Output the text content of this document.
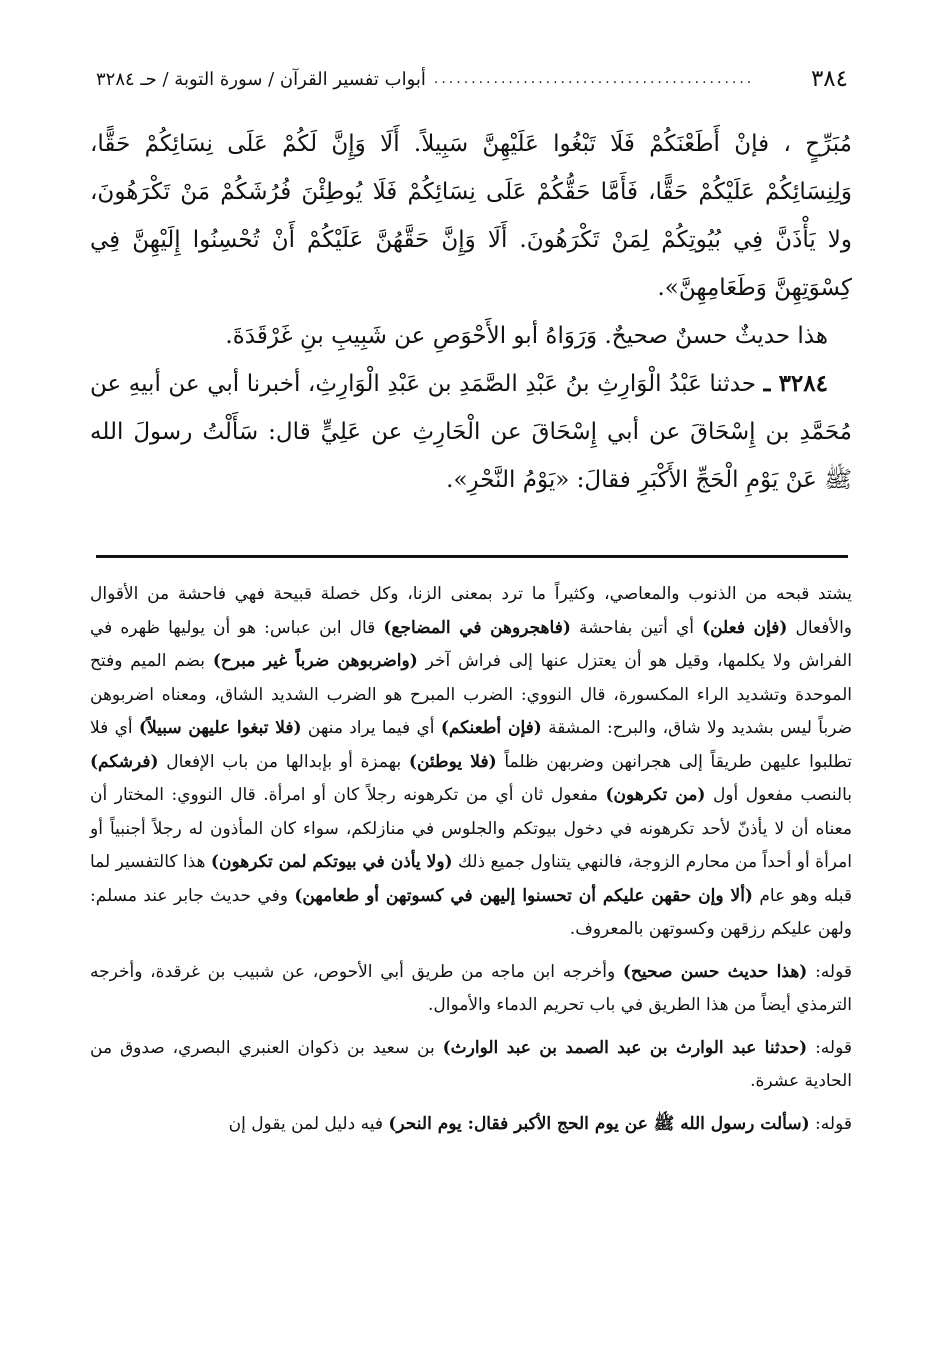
٣٨٤
...........................................
أبواب تفسير القرآن / سورة التوبة / حـ ٣٢٨٤

مُبَرِّحٍ ، فإنْ أَطَعْنَكُمْ فَلَا تَبْغُوا عَلَيْهِنَّ سَبِيلاً. أَلَا وَإِنَّ لَكُمْ عَلَى نِسَائِكُمْ حَقًّا، وَلِنِسَائِكُمْ عَلَيْكُمْ حَقًّا، فَأَمَّا حَقُّكُمْ عَلَى نِسَائِكُمْ فَلَا يُوطِئْنَ فُرُشَكُمْ مَنْ تَكْرَهُونَ، ولا يَأْذَنَّ فِي بُيُوتِكُمْ لِمَنْ تَكْرَهُونَ. أَلَا وَإِنَّ حَقَّهُنَّ عَلَيْكُمْ أَنْ تُحْسِنُوا إِلَيْهِنَّ فِي كِسْوَتِهِنَّ وَطَعَامِهِنَّ».

هذا حديثٌ حسنٌ صحيحٌ. وَرَوَاهُ أبو الأَحْوَصِ عن شَبِيبِ بنِ غَرْقَدَةَ.

٣٢٨٤ ـ حدثنا عَبْدُ الْوَارِثِ بنُ عَبْدِ الصَّمَدِ بن عَبْدِ الْوَارِثِ، أخبرنا أبي عن أبيهِ عن مُحَمَّدِ بن إِسْحَاقَ عن أبي إِسْحَاقَ عن الْحَارِثِ عن عَلِيٍّ قال: سَأَلْتُ رسولَ الله ﷺ عَنْ يَوْمِ الْحَجِّ الأَكْبَرِ فقالَ: «يَوْمُ النَّحْرِ».

يشتد قبحه من الذنوب والمعاصي، وكثيراً ما ترد بمعنى الزنا، وكل خصلة قبيحة فهي فاحشة من الأقوال والأفعال (فإن فعلن) أي أتين بفاحشة (فاهجروهن في المضاجع) قال ابن عباس: هو أن يوليها ظهره في الفراش ولا يكلمها، وقيل هو أن يعتزل عنها إلى فراش آخر (واضربوهن ضرباً غير مبرح) بضم الميم وفتح الموحدة وتشديد الراء المكسورة، قال النووي: الضرب المبرح هو الضرب الشديد الشاق، ومعناه اضربوهن ضرباً ليس بشديد ولا شاق، والبرح: المشقة (فإن أطعنكم) أي فيما يراد منهن (فلا تبغوا عليهن سبيلاً) أي فلا تطلبوا عليهن طريقاً إلى هجرانهن وضربهن ظلماً (فلا يوطئن) بهمزة أو بإبدالها من باب الإفعال (فرشكم) بالنصب مفعول أول (من تكرهون) مفعول ثان أي من تكرهونه رجلاً كان أو امرأة. قال النووي: المختار أن معناه أن لا يأذنّ لأحد تكرهونه في دخول بيوتكم والجلوس في منازلكم، سواء كان المأذون له رجلاً أجنبياً أو امرأة أو أحداً من محارم الزوجة، فالنهي يتناول جميع ذلك (ولا يأذن في بيوتكم لمن تكرهون) هذا كالتفسير لما قبله وهو عام (ألا وإن حقهن عليكم أن تحسنوا إليهن في كسوتهن أو طعامهن) وفي حديث جابر عند مسلم: ولهن عليكم رزقهن وكسوتهن بالمعروف.

قوله: (هذا حديث حسن صحيح) وأخرجه ابن ماجه من طريق أبي الأحوص، عن شبيب بن غرقدة، وأخرجه الترمذي أيضاً من هذا الطريق في باب تحريم الدماء والأموال.

قوله: (حدثنا عبد الوارث بن عبد الصمد بن عبد الوارث) بن سعيد بن ذكوان العنبري البصري، صدوق من الحادية عشرة.

قوله: (سألت رسول الله ﷺ عن يوم الحج الأكبر فقال: يوم النحر) فيه دليل لمن يقول إن
